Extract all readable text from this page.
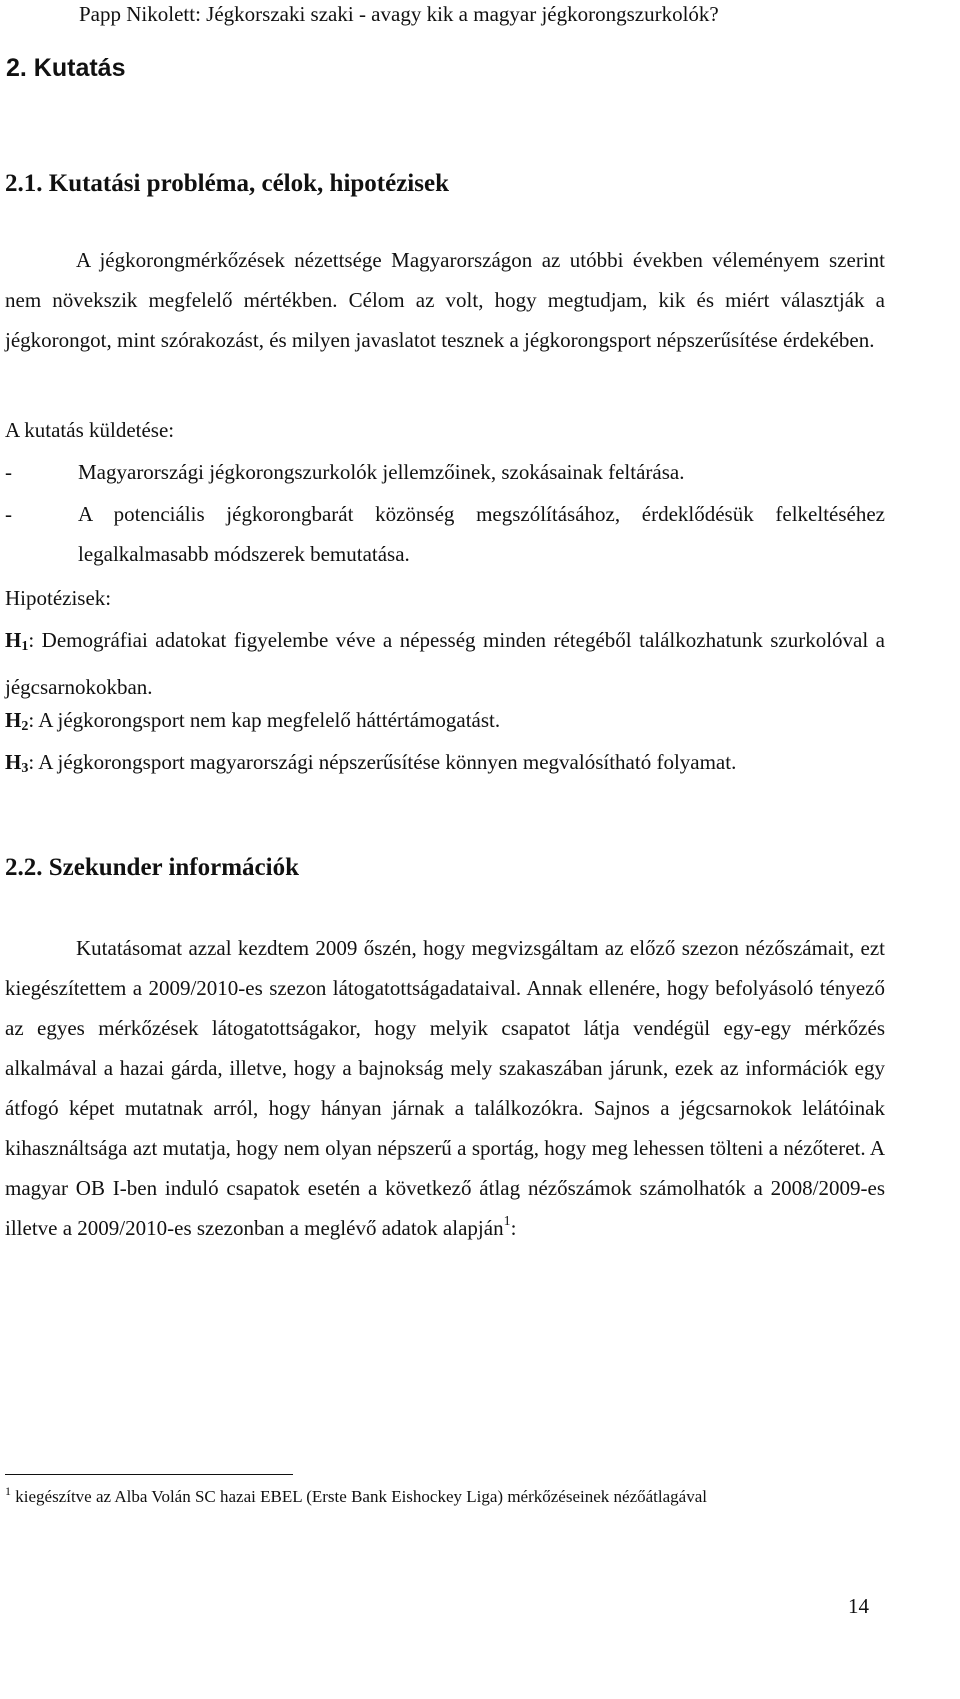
Papp Nikolett: Jégkorszaki szaki - avagy kik a magyar jégkorongszurkolók?
2. Kutatás
2.1. Kutatási probléma, célok, hipotézisek

A jégkorongmérkőzések nézettsége Magyarországon az utóbbi években véleményem szerint nem növekszik megfelelő mértékben. Célom az volt, hogy megtudjam, kik és miért választják a jégkorongot, mint szórakozást, és milyen javaslatot tesznek a jégkorongsport népszerűsítése érdekében.

A kutatás küldetése:
-	Magyarországi jégkorongszurkolók jellemzőinek, szokásainak feltárása.
-	A potenciális jégkorongbarát közönség megszólításához, érdeklődésük felkeltéséhez legalkalmasabb módszerek bemutatása.
Hipotézisek:

$H_1$: Demográfiai adatokat figyelembe véve a népesség minden rétegéből találkozhatunk szurkolóval a jégcsarnokokban.

$H_2$: A jégkorongsport nem kap megfelelő háttértámogatást.

$H_3$: A jégkorongsport magyarországi népszerűsítése könnyen megvalósítható folyamat.

2.2. Szekunder információk

Kutatásomat azzal kezdtem 2009 őszén, hogy megvizsgáltam az előző szezon nézőszámait, ezt kiegészítettem a 2009/2010-es szezon látogatottságadataival. Annak ellenére, hogy befolyásoló tényező az egyes mérkőzések látogatottságakor, hogy melyik csapatot látja vendégül egy-egy mérkőzés alkalmával a hazai gárda, illetve, hogy a bajnokság mely szakaszában járunk, ezek az információk egy átfogó képet mutatnak arról, hogy hányan járnak a találkozókra. Sajnos a jégcsarnokok lelátóinak kihasználtsága azt mutatja, hogy nem olyan népszerű a sportág, hogy meg lehessen tölteni a nézőteret. A magyar OB I-ben induló csapatok esetén a következő átlag nézőszámok számolhatók a 2008/2009-es illetve a 2009/2010-es szezonban a meglévő adatok alapján$^1$:

$^1$ kiegészítve az Alba Volán SC hazai EBEL (Erste Bank Eishockey Liga) mérkőzéseinek nézőátlagával
14
